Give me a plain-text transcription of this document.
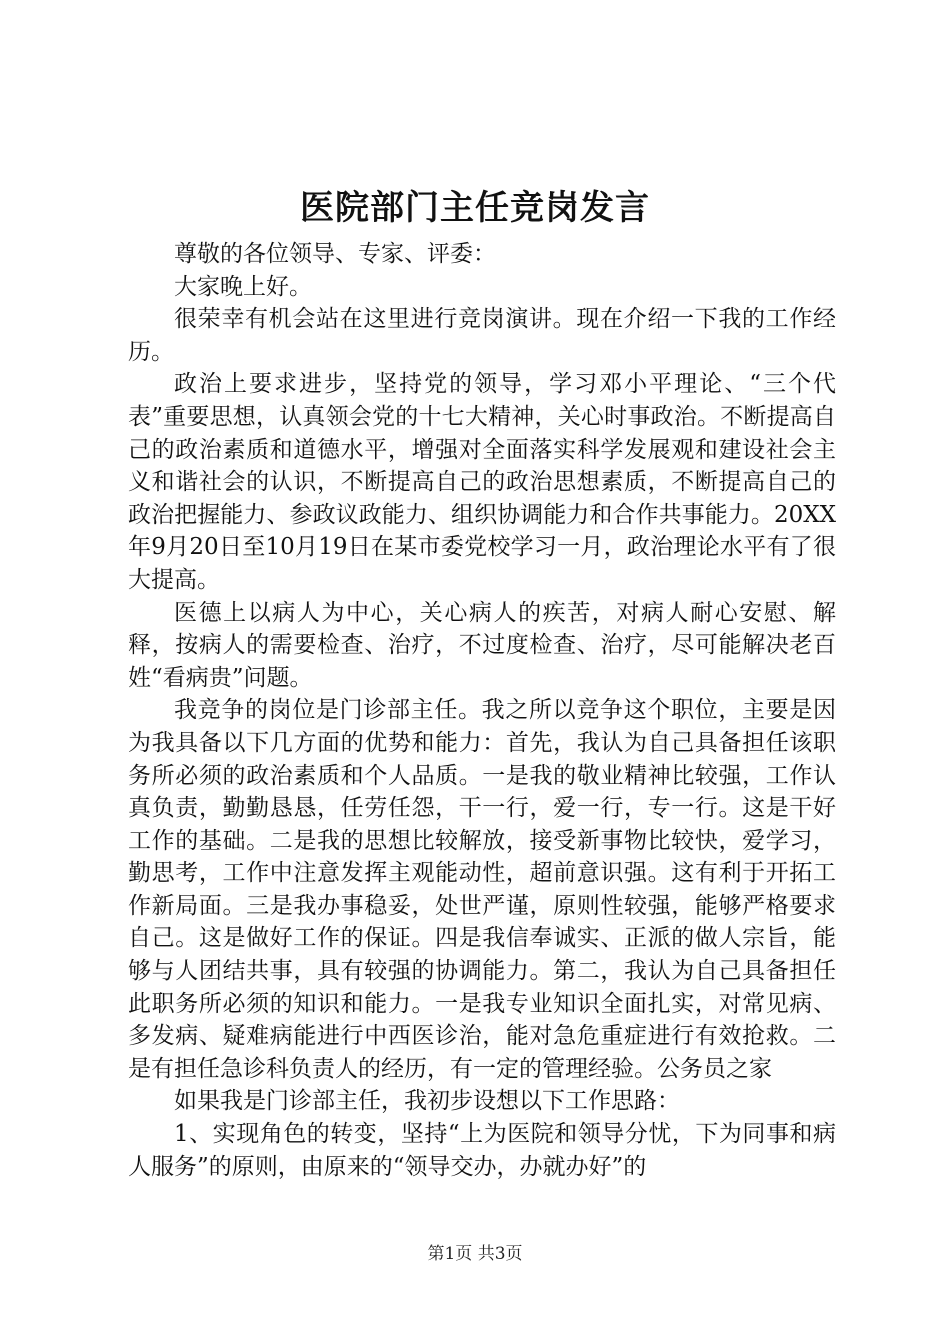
医院部门主任竞岗发言

尊敬的各位领导、专家、评委：

大家晚上好。

很荣幸有机会站在这里进行竞岗演讲。现在介绍一下我的工作经历。

政治上要求进步，坚持党的领导，学习邓小平理论、“三个代表”重要思想，认真领会党的十七大精神，关心时事政治。不断提高自己的政治素质和道德水平，增强对全面落实科学发展观和建设社会主义和谐社会的认识，不断提高自己的政治思想素质，不断提高自己的政治把握能力、参政议政能力、组织协调能力和合作共事能力。20XX年9月20日至10月19日在某市委党校学习一月，政治理论水平有了很大提高。

医德上以病人为中心，关心病人的疾苦，对病人耐心安慰、解释，按病人的需要检查、治疗，不过度检查、治疗，尽可能解决老百姓“看病贵”问题。

我竞争的岗位是门诊部主任。我之所以竞争这个职位，主要是因为我具备以下几方面的优势和能力：首先，我认为自己具备担任该职务所必须的政治素质和个人品质。一是我的敬业精神比较强，工作认真负责，勤勤恳恳，任劳任怨，干一行，爱一行，专一行。这是干好工作的基础。二是我的思想比较解放，接受新事物比较快，爱学习，勤思考，工作中注意发挥主观能动性，超前意识强。这有利于开拓工作新局面。三是我办事稳妥，处世严谨，原则性较强，能够严格要求自己。这是做好工作的保证。四是我信奉诚实、正派的做人宗旨，能够与人团结共事，具有较强的协调能力。第二，我认为自己具备担任此职务所必须的知识和能力。一是我专业知识全面扎实，对常见病、多发病、疑难病能进行中西医诊治，能对急危重症进行有效抢救。二是有担任急诊科负责人的经历，有一定的管理经验。公务员之家

如果我是门诊部主任，我初步设想以下工作思路：

1、实现角色的转变，坚持“上为医院和领导分忧，下为同事和病人服务”的原则，由原来的“领导交办，办就办好”的

第1页 共3页
